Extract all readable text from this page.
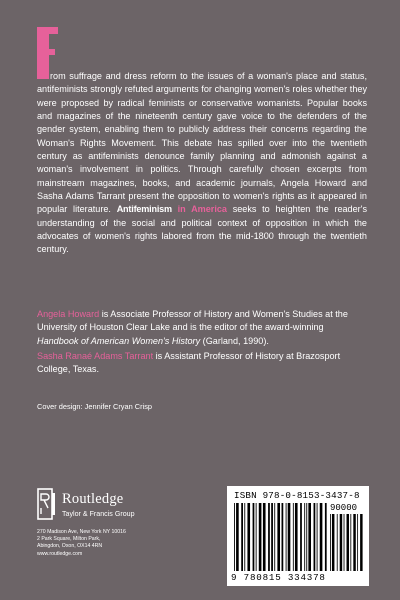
rom suffrage and dress reform to the issues of a woman's place and status, antifeminists strongly refuted arguments for changing women's roles whether they were proposed by radical feminists or conservative womanists. Popular books and magazines of the nineteenth century gave voice to the defenders of the gender system, enabling them to publicly address their concerns regarding the Woman's Rights Movement. This debate has spilled over into the twentieth century as antifeminists denounce family planning and admonish against a woman's involvement in politics. Through carefully chosen excerpts from mainstream magazines, books, and academic journals, Angela Howard and Sasha Adams Tarrant present the opposition to women's rights as it appeared in popular literature. Antifeminism in America seeks to heighten the reader's understanding of the social and political context of opposition in which the advocates of women's rights labored from the mid-1800 through the twentieth century.

Angela Howard is Associate Professor of History and Women's Studies at the University of Houston Clear Lake and is the editor of the award-winning Handbook of American Women's History (Garland, 1990).

Sasha Ranaé Adams Tarrant is Assistant Professor of History at Brazosport College, Texas.

Cover design: Jennifer Cryan Crisp

Routledge
Taylor & Francis Group
270 Madison Ave, New York NY 10016
2 Park Square, Milton Park,
Abingdon, Oxon, OX14 4RN
www.routledge.com
ISBN 978-0-8153-3437-8
90000
9 780815 334378
